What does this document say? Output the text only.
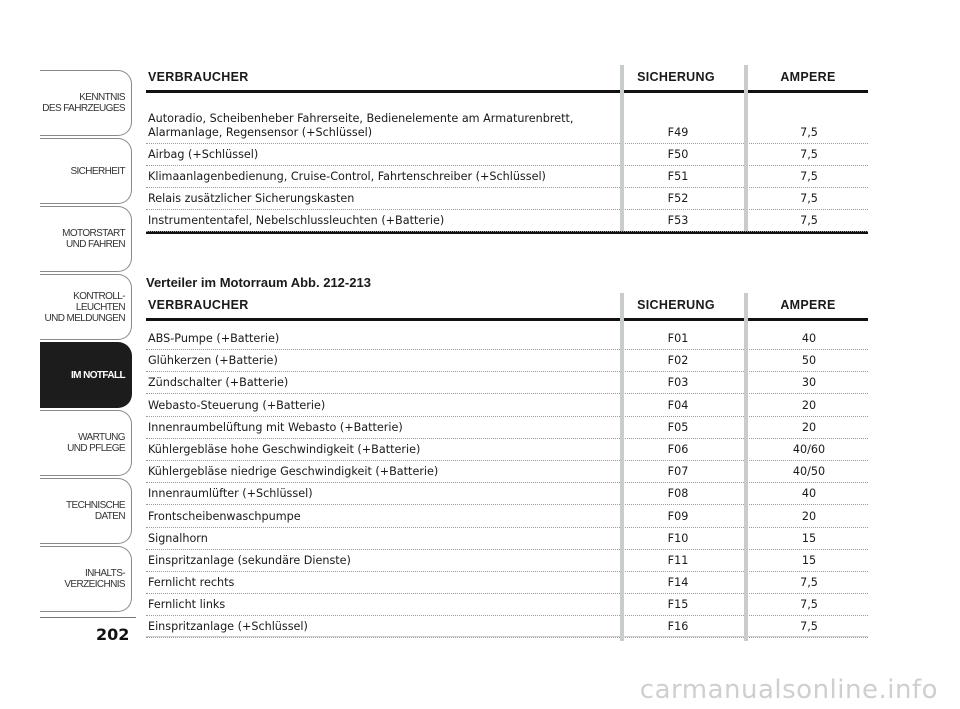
KENNTNIS
DES FAHRZEUGES
SICHERHEIT
MOTORSTART
UND FAHREN
KONTROLL-
LEUCHTEN
UND MELDUNGEN
IM NOTFALL
WARTUNG
UND PFLEGE
TECHNISCHE
DATEN
INHALTS-
VERZEICHNIS
202
VERBRAUCHER	SICHERUNG	AMPERE
Autoradio, Scheibenheber Fahrerseite, Bedienelemente am Armaturenbrett,
Alarmanlage, Regensensor (+Schlüssel)	F49	7,5
Airbag (+Schlüssel)	F50	7,5
Klimaanlagenbedienung, Cruise-Control, Fahrtenschreiber (+Schlüssel)	F51	7,5
Relais zusätzlicher Sicherungskasten	F52	7,5
Instrumententafel, Nebelschlussleuchten (+Batterie)	F53	7,5
Verteiler im Motorraum Abb. 212-213
VERBRAUCHER	SICHERUNG	AMPERE
ABS-Pumpe (+Batterie)	F01	40
Glühkerzen (+Batterie)	F02	50
Zündschalter (+Batterie)	F03	30
Webasto-Steuerung (+Batterie)	F04	20
Innenraumbelüftung mit Webasto (+Batterie)	F05	20
Kühlergebläse hohe Geschwindigkeit (+Batterie)	F06	40/60
Kühlergebläse niedrige Geschwindigkeit (+Batterie)	F07	40/50
Innenraumlüfter (+Schlüssel)	F08	40
Frontscheibenwaschpumpe	F09	20
Signalhorn	F10	15
Einspritzanlage (sekundäre Dienste)	F11	15
Fernlicht rechts	F14	7,5
Fernlicht links	F15	7,5
Einspritzanlage (+Schlüssel)	F16	7,5
carmanualsonline.info
